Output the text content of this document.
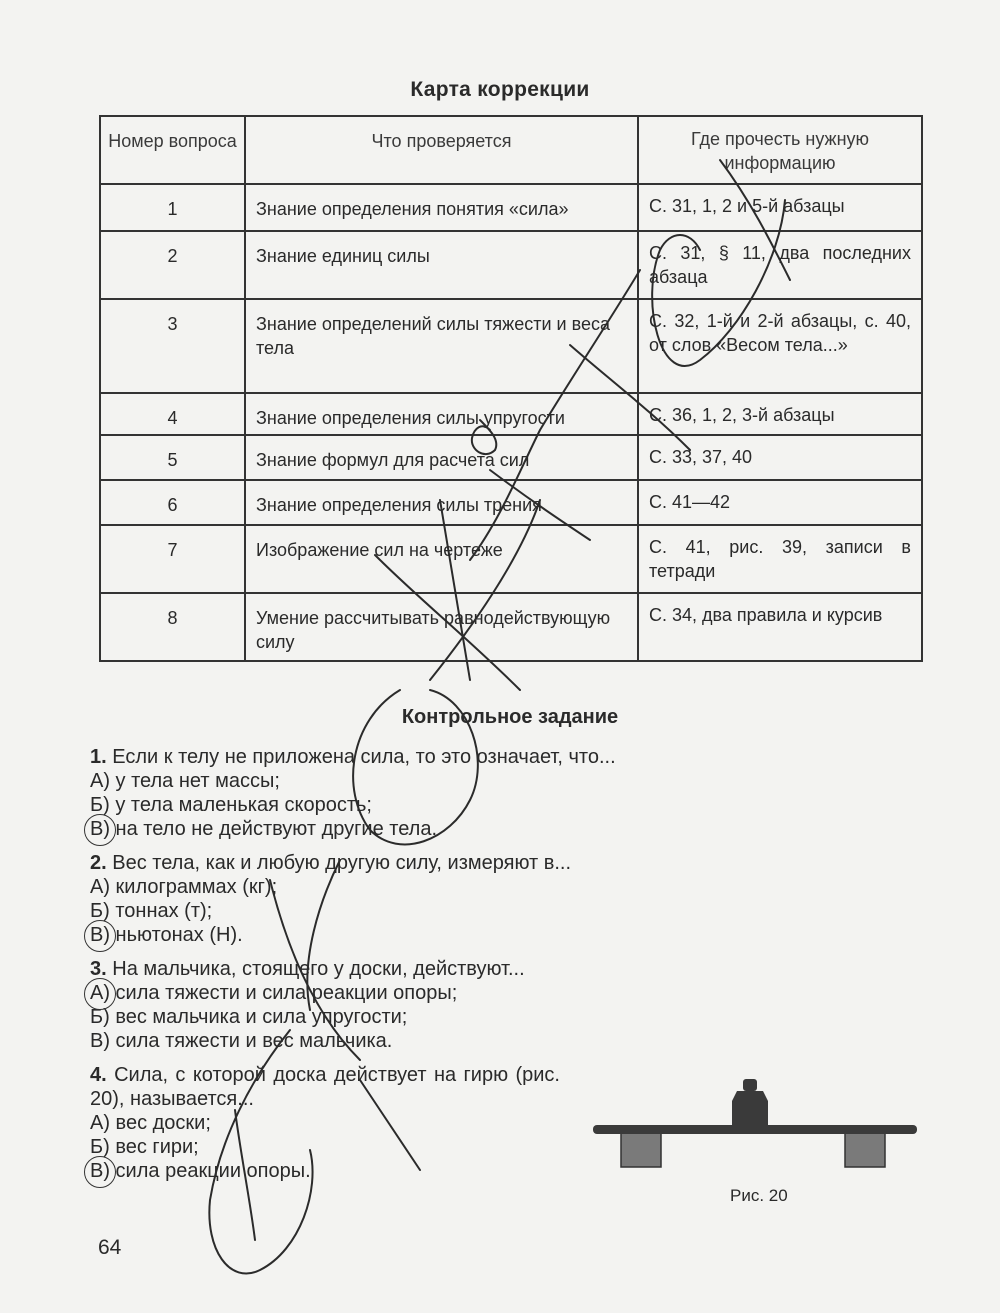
Карта коррекции
Номер вопроса	Что проверяется	Где прочесть нужную информацию
1	Знание определения понятия «сила»	С. 31, 1, 2 и 5-й абзацы
2	Знание единиц силы	С. 31, § 11, два последних абзаца
3	Знание определений силы тяжести и веса тела	С. 32, 1-й и 2-й абзацы, с. 40, от слов «Весом тела...»
4	Знание определения силы упругости	С. 36, 1, 2, 3-й абзацы
5	Знание формул для расчета сил	С. 33, 37, 40
6	Знание определения силы трения	С. 41—42
7	Изображение сил на чертеже	С. 41, рис. 39, записи в тетради
8	Умение рассчитывать равнодействующую силу	С. 34, два правила и курсив
Контрольное задание
1. Если к телу не приложена сила, то это означает, что...
А) у тела нет массы;
Б) у тела маленькая скорость;
В) на тело не действуют другие тела.
2. Вес тела, как и любую другую силу, измеряют в...
А) килограммах (кг);
Б) тоннах (т);
В) ньютонах (Н).
3. На мальчика, стоящего у доски, действуют...
А) сила тяжести и сила реакции опоры;
Б) вес мальчика и сила упругости;
В) сила тяжести и вес мальчика.
4. Сила, с которой доска действует на гирю (рис. 20), называется...
А) вес доски;
Б) вес гири;
В) сила реакции опоры.
Рис. 20
64
